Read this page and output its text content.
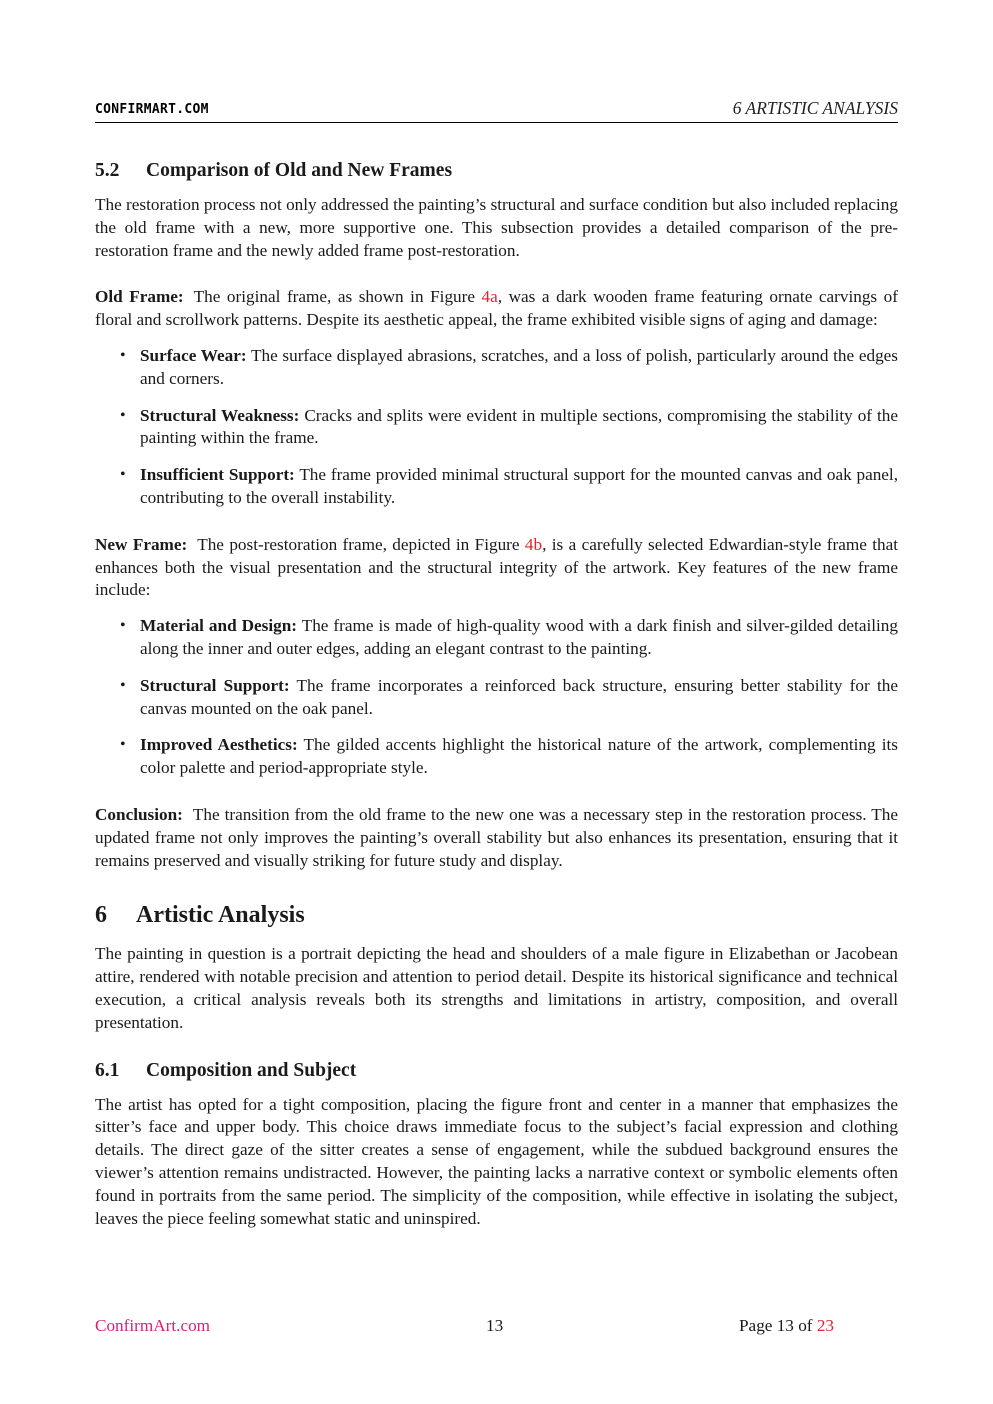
CONFIRMART.COM	6 ARTISTIC ANALYSIS
5.2 Comparison of Old and New Frames

The restoration process not only addressed the painting’s structural and surface condition but also included replacing the old frame with a new, more supportive one. This subsection provides a detailed comparison of the pre-restoration frame and the newly added frame post-restoration.

Old Frame: The original frame, as shown in Figure 4a, was a dark wooden frame featuring ornate carvings of floral and scrollwork patterns. Despite its aesthetic appeal, the frame exhibited visible signs of aging and damage:

• Surface Wear: The surface displayed abrasions, scratches, and a loss of polish, particularly around the edges and corners.
• Structural Weakness: Cracks and splits were evident in multiple sections, compromising the stability of the painting within the frame.
• Insufficient Support: The frame provided minimal structural support for the mounted canvas and oak panel, contributing to the overall instability.

New Frame: The post-restoration frame, depicted in Figure 4b, is a carefully selected Edwardian-style frame that enhances both the visual presentation and the structural integrity of the artwork. Key features of the new frame include:

• Material and Design: The frame is made of high-quality wood with a dark finish and silver-gilded detailing along the inner and outer edges, adding an elegant contrast to the painting.
• Structural Support: The frame incorporates a reinforced back structure, ensuring better stability for the canvas mounted on the oak panel.
• Improved Aesthetics: The gilded accents highlight the historical nature of the artwork, complementing its color palette and period-appropriate style.

Conclusion: The transition from the old frame to the new one was a necessary step in the restoration process. The updated frame not only improves the painting’s overall stability but also enhances its presentation, ensuring that it remains preserved and visually striking for future study and display.

6 Artistic Analysis

The painting in question is a portrait depicting the head and shoulders of a male figure in Elizabethan or Jacobean attire, rendered with notable precision and attention to period detail. Despite its historical significance and technical execution, a critical analysis reveals both its strengths and limitations in artistry, composition, and overall presentation.

6.1 Composition and Subject

The artist has opted for a tight composition, placing the figure front and center in a manner that emphasizes the sitter’s face and upper body. This choice draws immediate focus to the subject’s facial expression and clothing details. The direct gaze of the sitter creates a sense of engagement, while the subdued background ensures the viewer’s attention remains undistracted. However, the painting lacks a narrative context or symbolic elements often found in portraits from the same period. The simplicity of the composition, while effective in isolating the subject, leaves the piece feeling somewhat static and uninspired.

ConfirmArt.com	13	Page 13 of 23
